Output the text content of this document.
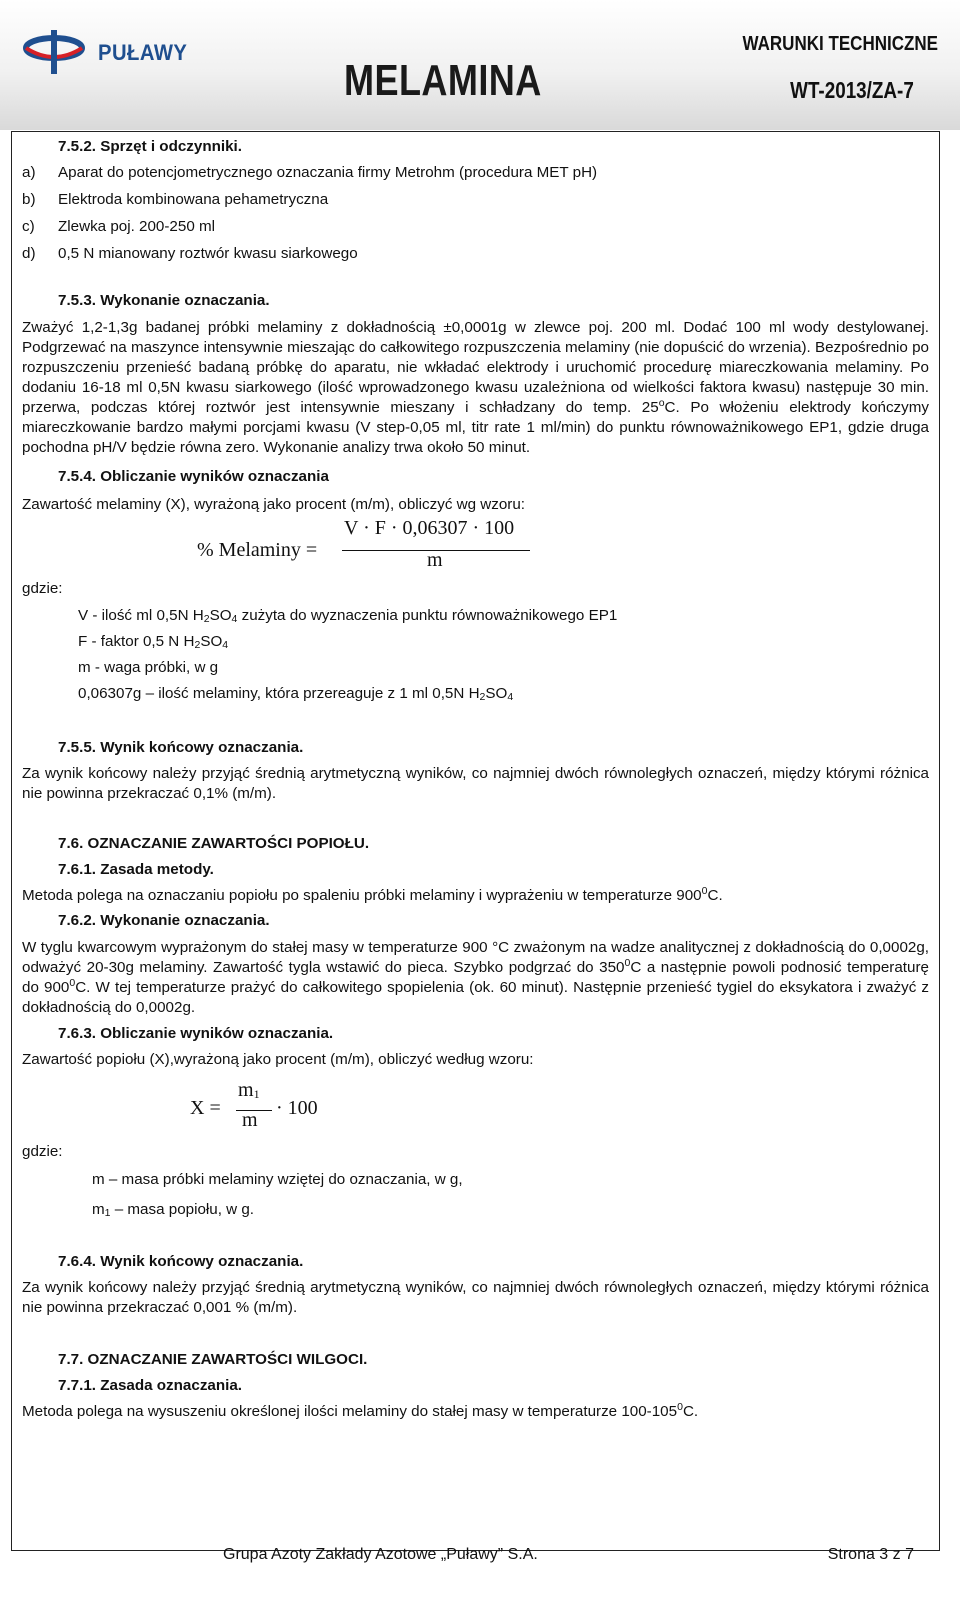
PUŁAWY
MELAMINA
WARUNKI TECHNICZNE
WT-2013/ZA-7

7.5.2. Sprzęt i odczynniki.

a)	Aparat do potencjometrycznego oznaczania firmy Metrohm (procedura MET pH)
b)	Elektroda kombinowana pehametryczna
c)	Zlewka poj. 200-250 ml
d)	0,5 N mianowany roztwór kwasu siarkowego

7.5.3. Wykonanie oznaczania.

Zważyć 1,2-1,3g badanej próbki melaminy z dokładnością ±0,0001g w zlewce poj. 200 ml. Dodać 100 ml wody destylowanej. Podgrzewać na maszynce intensywnie mieszając do całkowitego rozpuszczenia melaminy (nie dopuścić do wrzenia). Bezpośrednio po rozpuszczeniu przenieść badaną próbkę do aparatu, nie wkładać elektrody i uruchomić procedurę miareczkowania melaminy. Po dodaniu 16-18 ml 0,5N kwasu siarkowego (ilość wprowadzonego kwasu uzależniona od wielkości faktora kwasu) następuje 30 min. przerwa, podczas której roztwór jest intensywnie mieszany i schładzany do temp. 25$^o$C. Po włożeniu elektrody kończymy miareczkowanie bardzo małymi porcjami kwasu (V step-0,05 ml, titr rate 1 ml/min) do punktu równoważnikowego EP1, gdzie druga pochodna pH/V będzie równa zero. Wykonanie analizy trwa około 50 minut.

7.5.4. Obliczanie wyników oznaczania

Zawartość melaminy (X), wyrażoną jako procent (m/m), obliczyć wg wzoru:

% Melaminy =
V · F · 0,06307 · 100
m

gdzie:

V - ilość ml 0,5N H2SO4 zużyta do wyznaczenia punktu równoważnikowego EP1
F - faktor 0,5 N H2SO4
m - waga próbki, w g
0,06307g – ilość melaminy, która przereaguje z 1 ml 0,5N H2SO4

7.5.5. Wynik końcowy oznaczania.

Za wynik końcowy należy przyjąć średnią arytmetyczną wyników, co najmniej dwóch równoległych oznaczeń, między którymi różnica nie powinna przekraczać 0,1% (m/m).

7.6. OZNACZANIE ZAWARTOŚCI POPIOŁU.

7.6.1. Zasada metody.

Metoda polega na oznaczaniu popiołu po spaleniu próbki melaminy i wyprażeniu w temperaturze $900^0C$.

7.6.2. Wykonanie oznaczania.

W tyglu kwarcowym wyprażonym do stałej masy w temperaturze 900 °C zważonym na wadze analitycznej z dokładnością do 0,0002g, odważyć 20-30g melaminy. Zawartość tygla wstawić do pieca. Szybko podgrzać do $350^0C$ a następnie powoli podnosić temperaturę do $900^0C$. W tej temperaturze prażyć do całkowitego spopielenia (ok. 60 minut). Następnie przenieść tygiel do eksykatora i zważyć z dokładnością do 0,0002g.

7.6.3. Obliczanie wyników oznaczania.

Zawartość popiołu (X),wyrażoną jako procent (m/m), obliczyć według wzoru:

X =
m1
m
· 100

gdzie:

m – masa próbki melaminy wziętej do oznaczania, w g,
m1 – masa popiołu, w g.

7.6.4. Wynik końcowy oznaczania.

Za wynik końcowy należy przyjąć średnią arytmetyczną wyników, co najmniej dwóch równoległych oznaczeń, między którymi różnica nie powinna przekraczać 0,001 % (m/m).

7.7. OZNACZANIE ZAWARTOŚCI WILGOCI.

7.7.1. Zasada oznaczania.

Metoda polega na wysuszeniu określonej ilości melaminy do stałej masy w temperaturze $100-105^0C$.

Grupa Azoty Zakłady Azotowe „Puławy” S.A.	Strona 3 z 7
